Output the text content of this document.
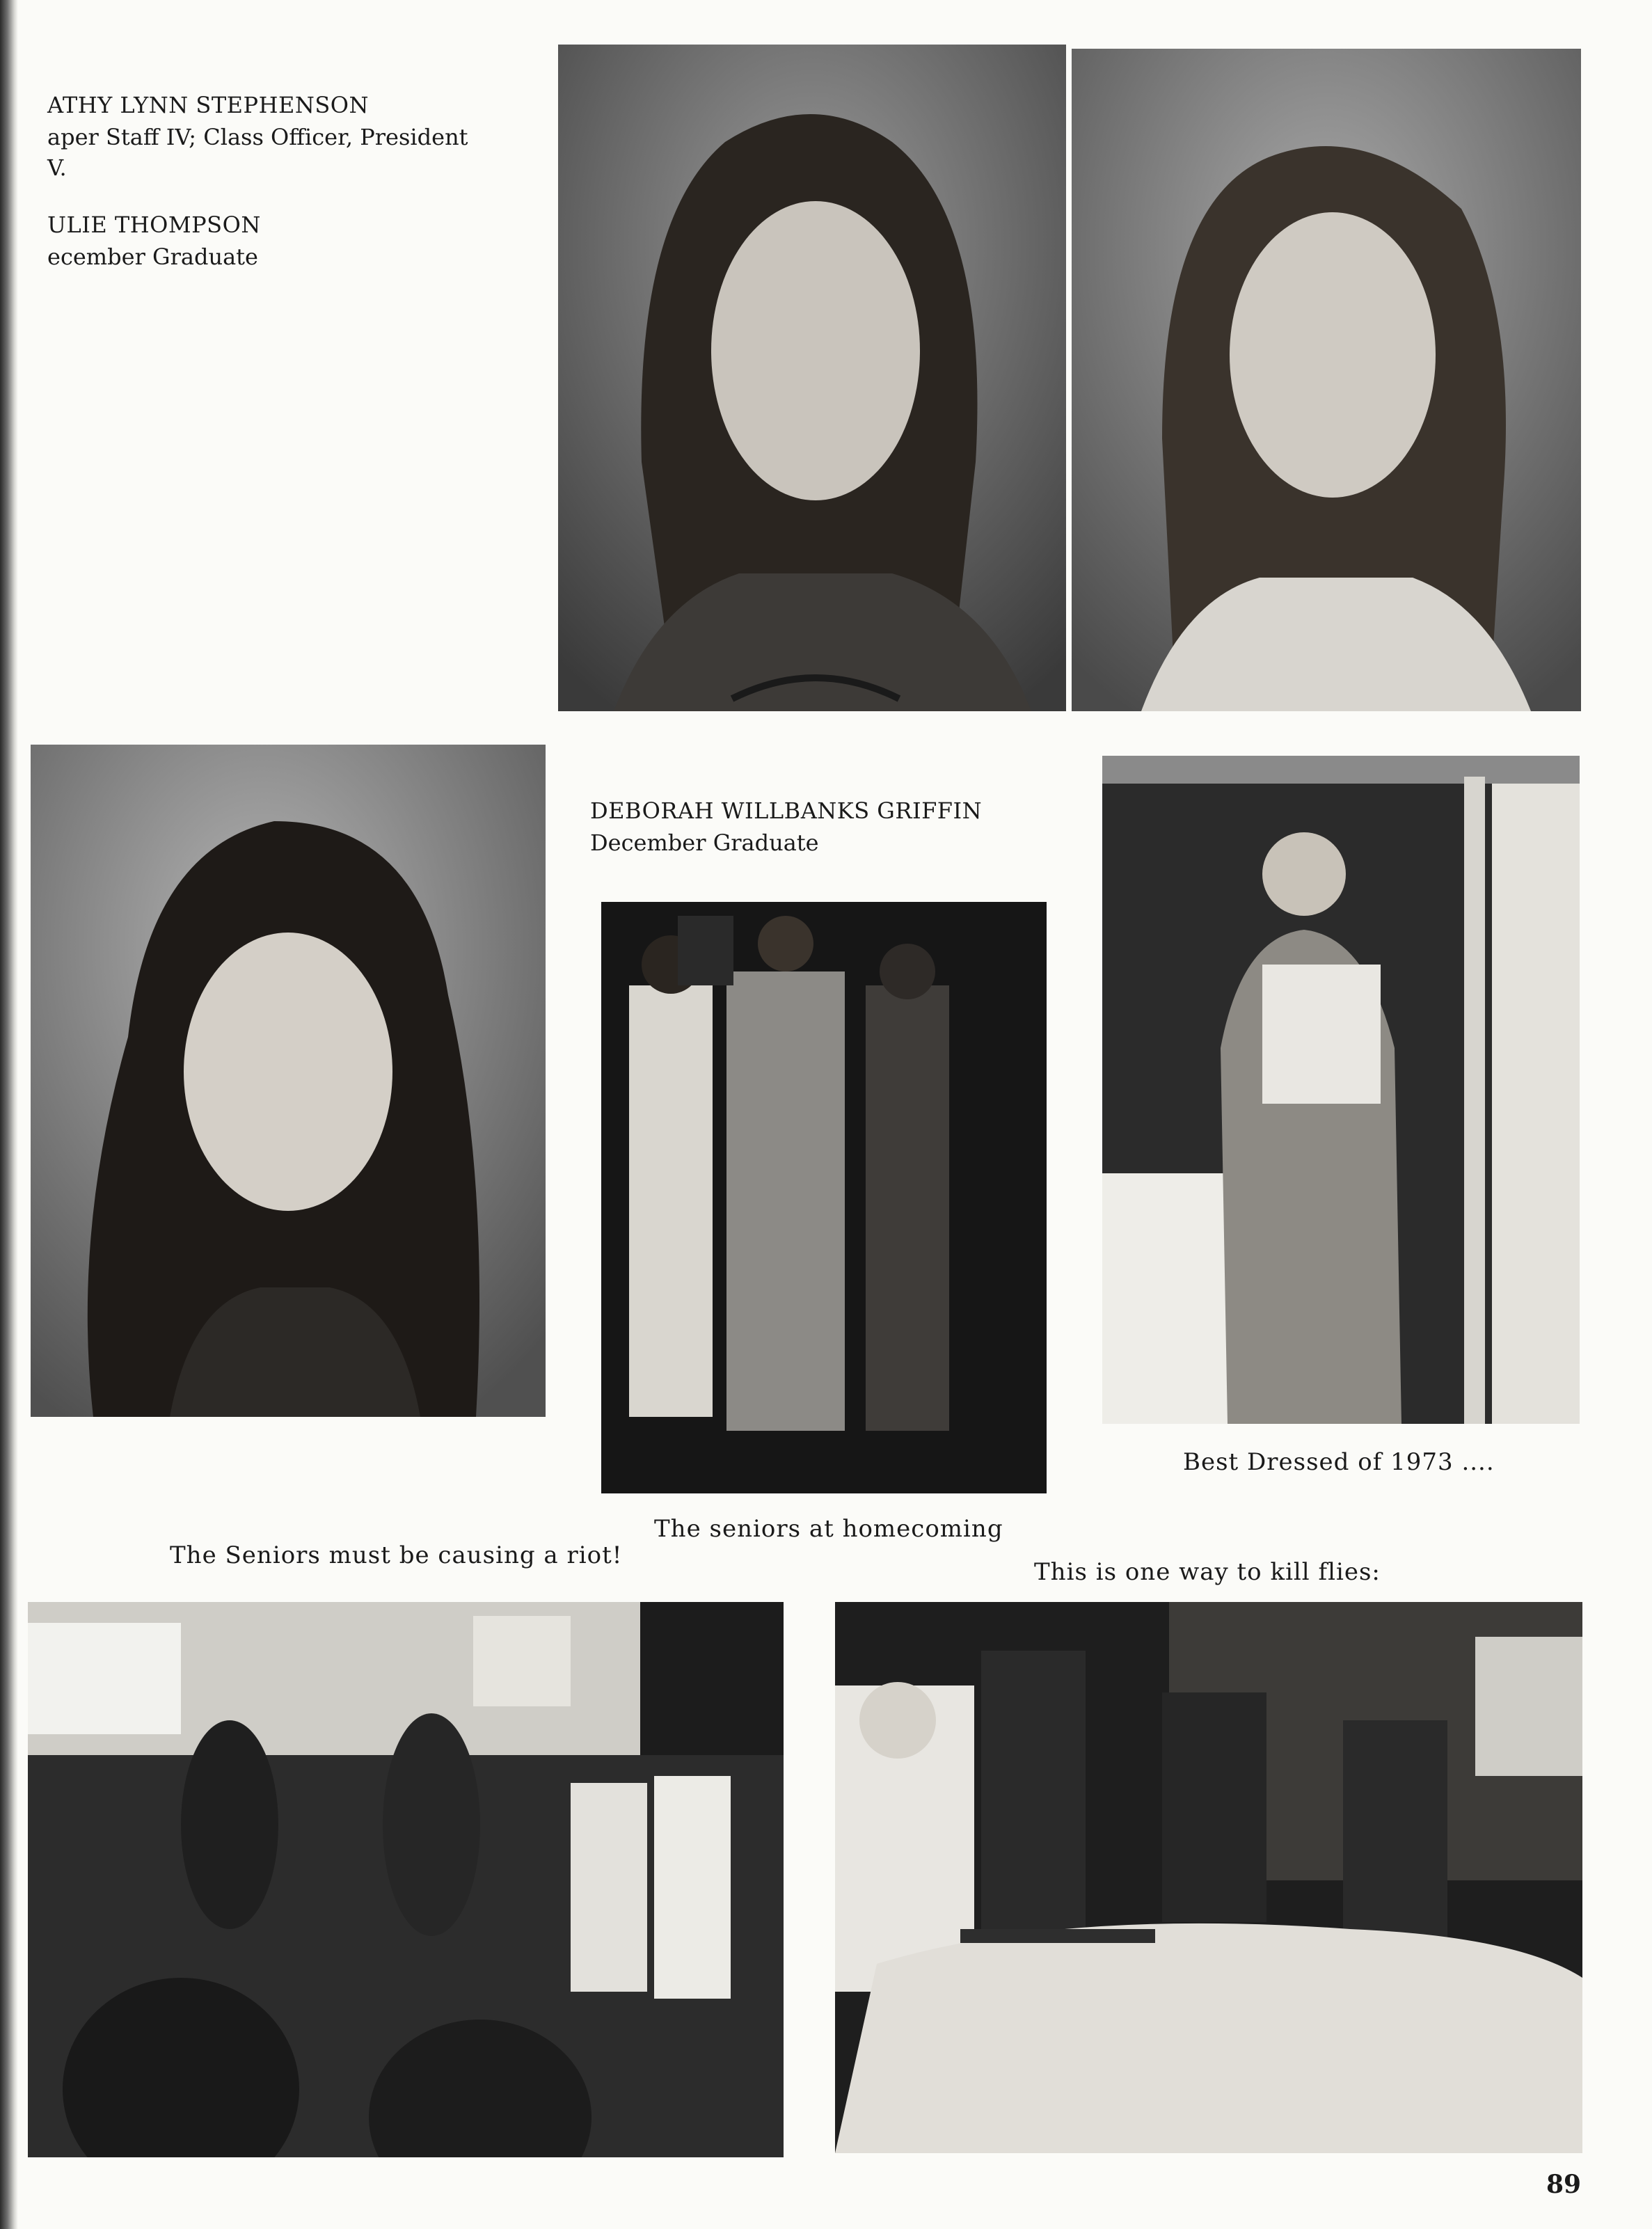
ATHY LYNN STEPHENSON
aper Staff IV; Class Officer, President
V.
ULIE THOMPSON
ecember Graduate
DEBORAH WILLBANKS GRIFFIN
December Graduate
Best Dressed of 1973 ....
The seniors at homecoming
The Seniors must be causing a riot!
This is one way to kill flies:
89
